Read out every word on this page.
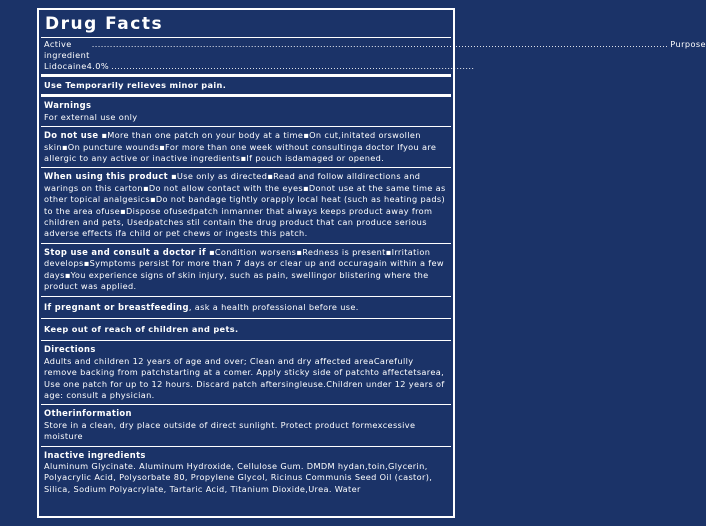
Drug Facts
Active ingredient
................................................................................................................................................................................................ Purpose
Lidocaine4.0% .........................................................................................................................
Use Temporarily relieves minor pain.
Warnings
For external use only
Do not use ▪More than one patch on your body at a time▪On cut,initated orswollen skin▪On puncture wounds▪For more than one week without consultinga doctor Ifyou are allergic to any active or inactive ingredients▪If pouch isdamaged or opened.
When using this product ▪Use only as directed▪Read and follow alldirections and warings on this carton▪Do not allow contact with the eyes▪Donot use at the same time as other topical analgesics▪Do not bandage tightly orapply local heat (such as heating pads) to the area ofuse▪Dispose ofusedpatch inmanner that always keeps product away from children and pets, Usedpatches stil contain the drug product that can produce serious adverse effects ifa child or pet chews or ingests this patch.
Stop use and consult a doctor if ▪Condition worsens▪Redness is present▪Irritation develops▪Symptoms persist for more than 7 days or clear up and occuragain within a few days▪You experience signs of skin injury, such as pain, swellingor blistering where the product was applied.
If pregnant or breastfeeding, ask a health professional before use.
Keep out of reach of children and pets.
Directions
Adults and children 12 years of age and over; Clean and dry affected areaCarefully remove backing from patchstarting at a comer. Apply sticky side of patchto affectetsarea, Use one patch for up to 12 hours. Discard patch aftersingleuse.Children under 12 years of age: consult a physician.
Otherinformation
Store in a clean, dry place outside of direct sunlight. Protect product formexcessive moisture
Inactive ingredients
Aluminum Glycinate. Aluminum Hydroxide, Cellulose Gum. DMDM hydan,toin,Glycerin, Polyacrylic Acid, Polysorbate 80, Propylene Glycol, Ricinus Communis Seed Oil (castor), Silica, Sodium Polyacrylate, Tartaric Acid, Titanium Dioxide,Urea. Water
